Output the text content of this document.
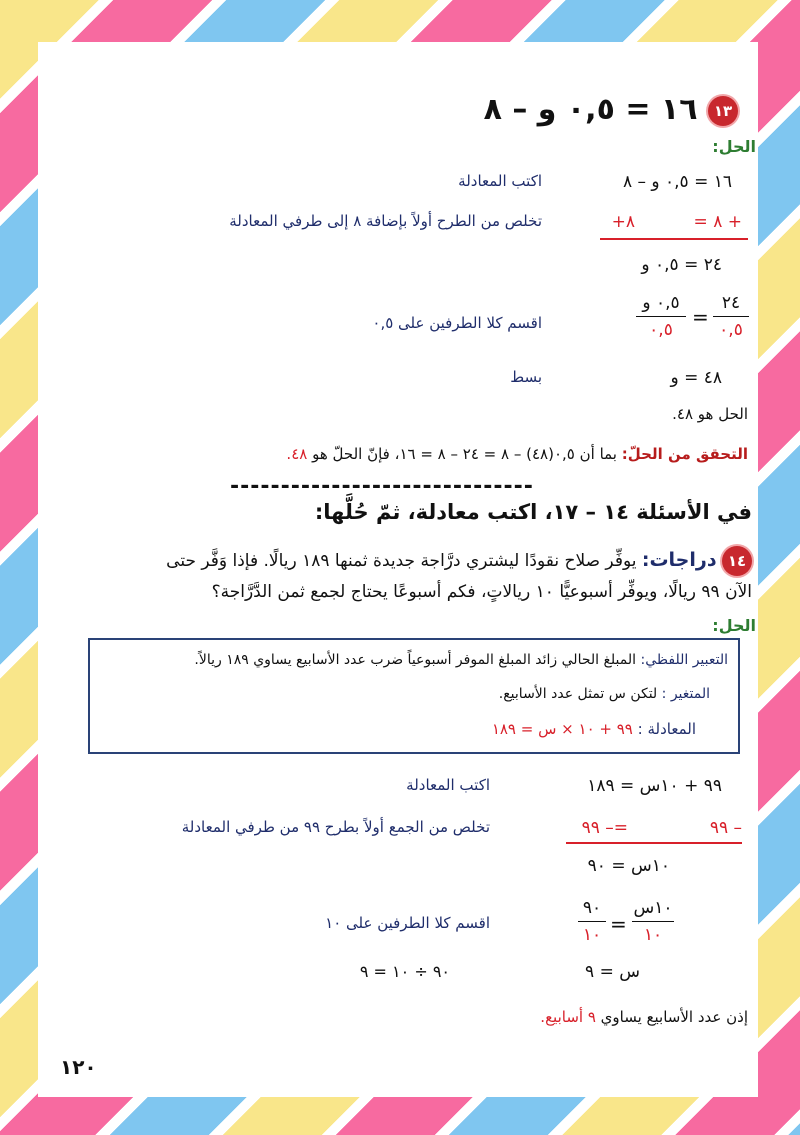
١٣ ١٦ = ٠,٥ و – ٨
الحل:
١٦ = ٠,٥ و – ٨
اكتب المعادلة
+ ٨ =
٨+
تخلص من الطرح أولاً بإضافة ٨ إلى طرفي المعادلة
٢٤ = ٠,٥ و
٢٤
٠,٥
=
٠,٥ و
٠,٥
اقسم كلا الطرفين على ٠,٥
٤٨ = و
بسط
الحل هو ٤٨.
التحقق من الحلّ: بما أن ٠,٥(٤٨) – ٨ = ٢٤ – ٨ = ١٦، فإنّ الحلّ هو ٤٨.
------------------------------
في الأسئلة ١٤ – ١٧، اكتب معادلة، ثمّ حُلَّها:
١٤ دراجات: يوفِّر صلاح نقودًا ليشتري درَّاجة جديدة ثمنها ١٨٩ ريالًا. فإذا وَفَّر حتى
الآن ٩٩ ريالًا، ويوفِّر أسبوعيًّا ١٠ ريالاتٍ، فكم أسبوعًا يحتاج لجمع ثمن الدَّرَّاجة؟
الحل:
التعبير اللفظي: المبلغ الحالي زائد المبلغ الموفر أسبوعياً ضرب عدد الأسابيع يساوي ١٨٩ ريالاً.
المتغير : لتكن س تمثل عدد الأسابيع.
المعادلة : ٩٩ + ١٠ × س = ١٨٩
٩٩ + ١٠س = ١٨٩
اكتب المعادلة
– ٩٩
=– ٩٩
تخلص من الجمع أولاً بطرح ٩٩ من طرفي المعادلة
١٠س = ٩٠
١٠س
١٠
=
٩٠
١٠
اقسم كلا الطرفين على ١٠
س = ٩
٩٠ ÷ ١٠ = ٩
إذن عدد الأسابيع يساوي ٩ أسابيع.
١٢٠
